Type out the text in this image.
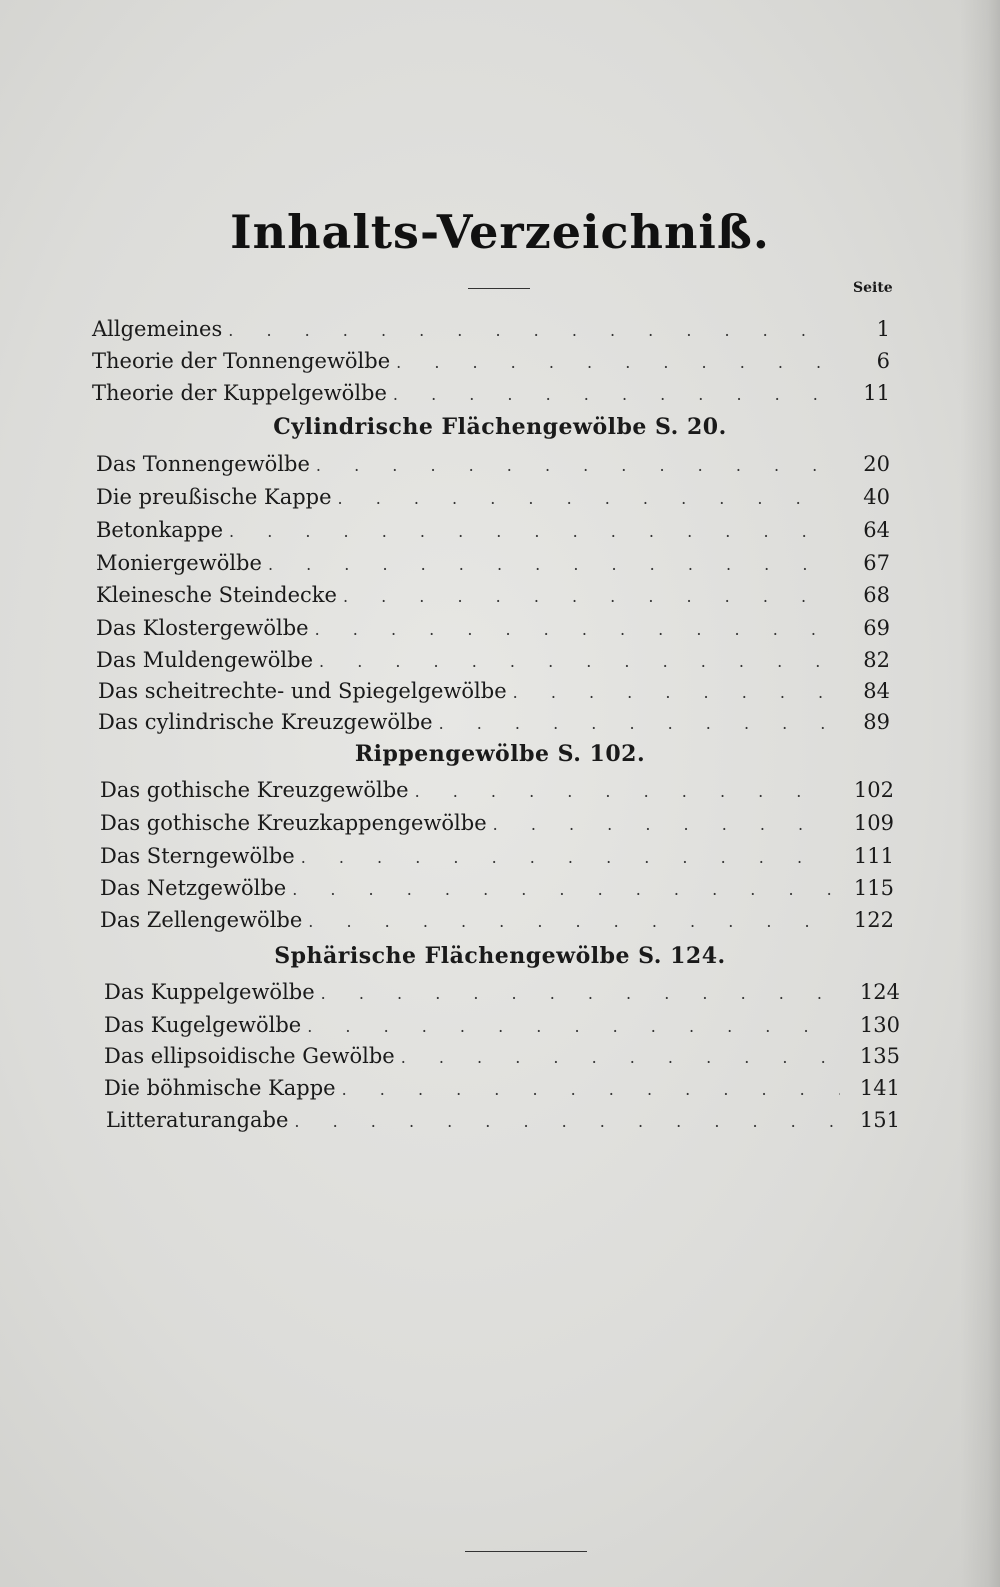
Inhalts-Verzeichniß.
Seite
Allgemeines . . .	1
Theorie der Tonnengewölbe . . .	6
Theorie der Kuppelgewölbe . . .	11
Cylindrische Flächengewölbe S. 20.
Das Tonnengewölbe . . .	20
Die preußische Kappe . . .	40
Betonkappe . . .	64
Moniergewölbe . . .	67
Kleinesche Steindecke . . .	68
Das Klostergewölbe . . .	69
Das Muldengewölbe . . .	82
Das scheitrechte- und Spiegelgewölbe . . .	84
Das cylindrische Kreuzgewölbe . . .	89
Rippengewölbe S. 102.
Das gothische Kreuzgewölbe . . .	102
Das gothische Kreuzkappengewölbe . . .	109
Das Sterngewölbe . . .	111
Das Netzgewölbe . . .	115
Das Zellengewölbe . . .	122
Sphärische Flächengewölbe S. 124.
Das Kuppelgewölbe . . .	124
Das Kugelgewölbe . . .	130
Das ellipsoidische Gewölbe . . .	135
Die böhmische Kappe . . .	141
Litteraturangabe . . .	151
